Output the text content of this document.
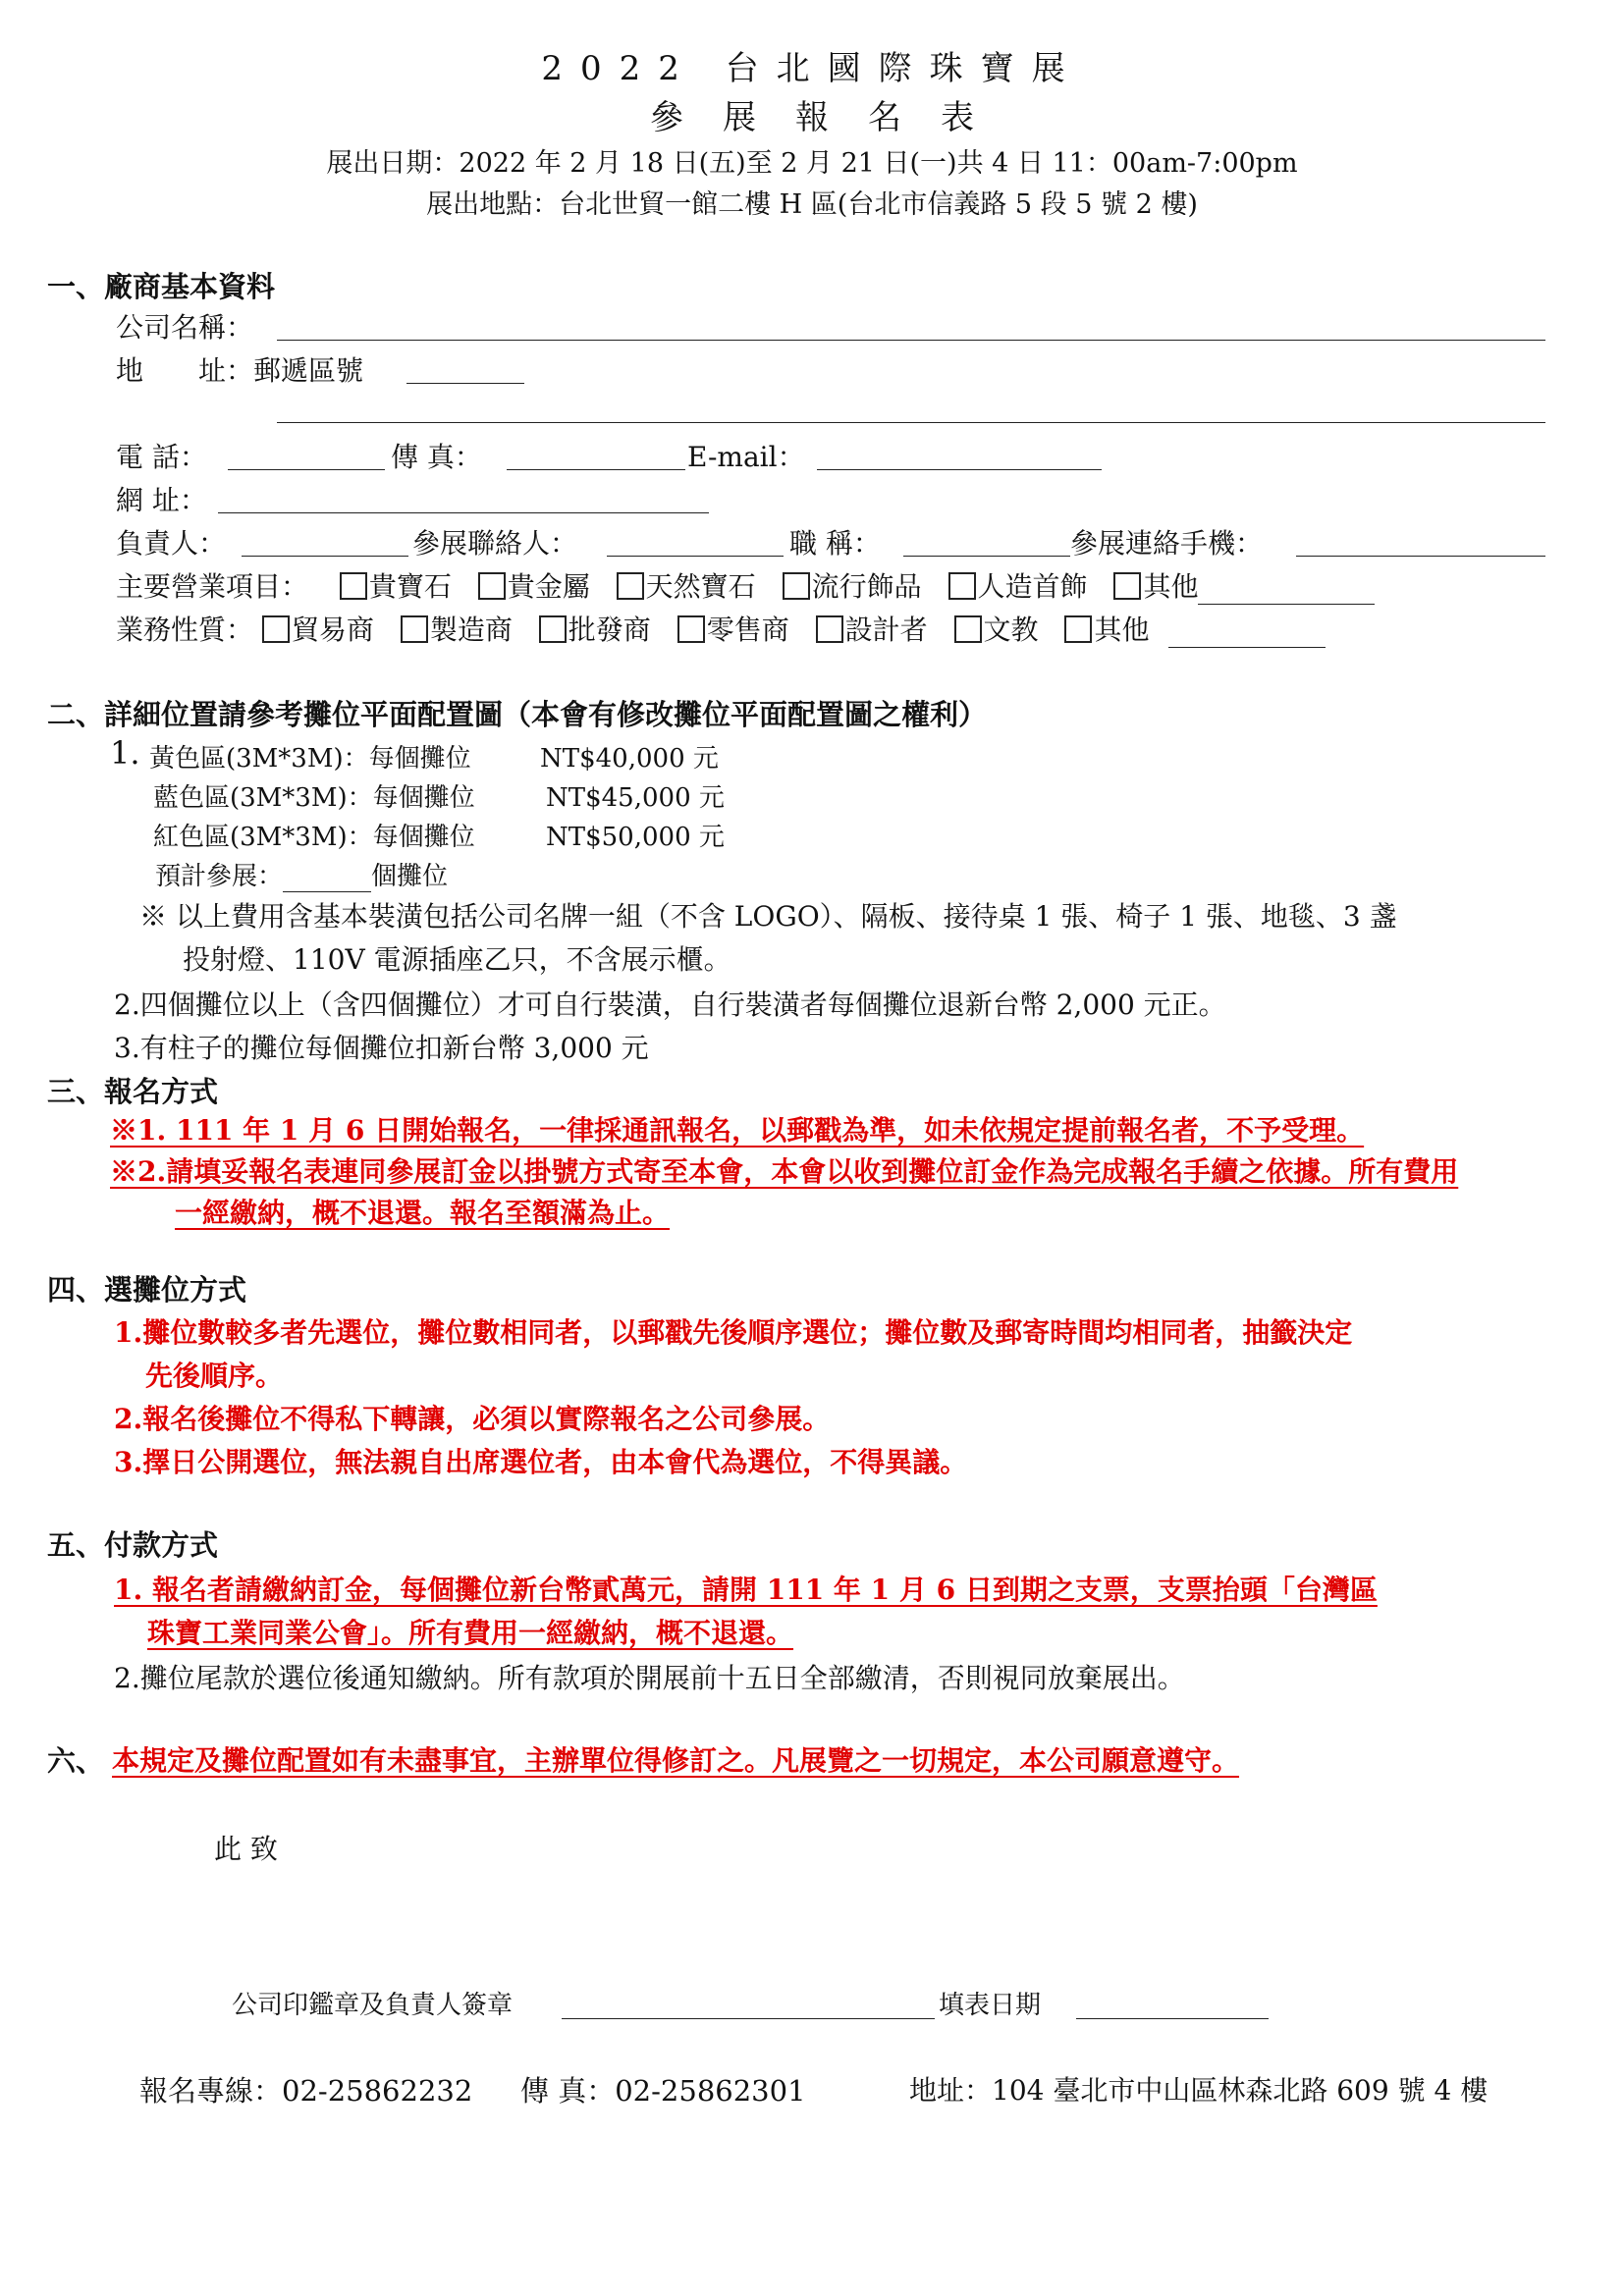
2022 台北國際珠寶展
參展報名表
展出日期：2022 年 2 月 18 日(五)至 2 月 21 日(一)共 4 日 11：00am-7:00pm
展出地點：台北世貿一館二樓 H 區(台北市信義路 5 段 5 號 2 樓)
一、廠商基本資料
公司名稱：
地　　址：郵遞區號
電 話：	傳 真：	E-mail：
網 址：
負責人：	參展聯絡人：	職 稱：	參展連絡手機：
主要營業項目： 貴寶石 貴金屬 天然寶石 流行飾品 人造首飾 其他
業務性質： 貿易商 製造商 批發商 零售商 設計者 文教 其他
二、詳細位置請參考攤位平面配置圖（本會有修改攤位平面配置圖之權利）
1. 黃色區(3M*3M)：每個攤位	NT$40,000 元
藍色區(3M*3M)：每個攤位	NT$45,000 元
紅色區(3M*3M)：每個攤位	NT$50,000 元
預計參展：	個攤位
※ 以上費用含基本裝潢包括公司名牌一組（不含 LOGO）、隔板、接待桌 1 張、椅子 1 張、地毯、3 盞
投射燈、110V 電源插座乙只，不含展示櫃。
2.四個攤位以上（含四個攤位）才可自行裝潢，自行裝潢者每個攤位退新台幣 2,000 元正。
3.有柱子的攤位每個攤位扣新台幣 3,000 元
三、報名方式
※1. 111 年 1 月 6 日開始報名，一律採通訊報名，以郵戳為準，如未依規定提前報名者，不予受理。
※2.請填妥報名表連同參展訂金以掛號方式寄至本會，本會以收到攤位訂金作為完成報名手續之依據。所有費用
一經繳納，概不退還。報名至額滿為止。
四、選攤位方式
1.攤位數較多者先選位，攤位數相同者，以郵戳先後順序選位；攤位數及郵寄時間均相同者，抽籤決定
先後順序。
2.報名後攤位不得私下轉讓，必須以實際報名之公司參展。
3.擇日公開選位，無法親自出席選位者，由本會代為選位，不得異議。
五、付款方式
1. 報名者請繳納訂金，每個攤位新台幣貳萬元，請開 111 年 1 月 6 日到期之支票，支票抬頭「台灣區
珠寶工業同業公會」。所有費用一經繳納，概不退還。
2.攤位尾款於選位後通知繳納。所有款項於開展前十五日全部繳清，否則視同放棄展出。
六、 本規定及攤位配置如有未盡事宜，主辦單位得修訂之。凡展覽之一切規定，本公司願意遵守。
此 致
公司印鑑章及負責人簽章	填表日期
報名專線：02-25862232 傳 真：02-25862301	地址：104 臺北市中山區林森北路 609 號 4 樓
